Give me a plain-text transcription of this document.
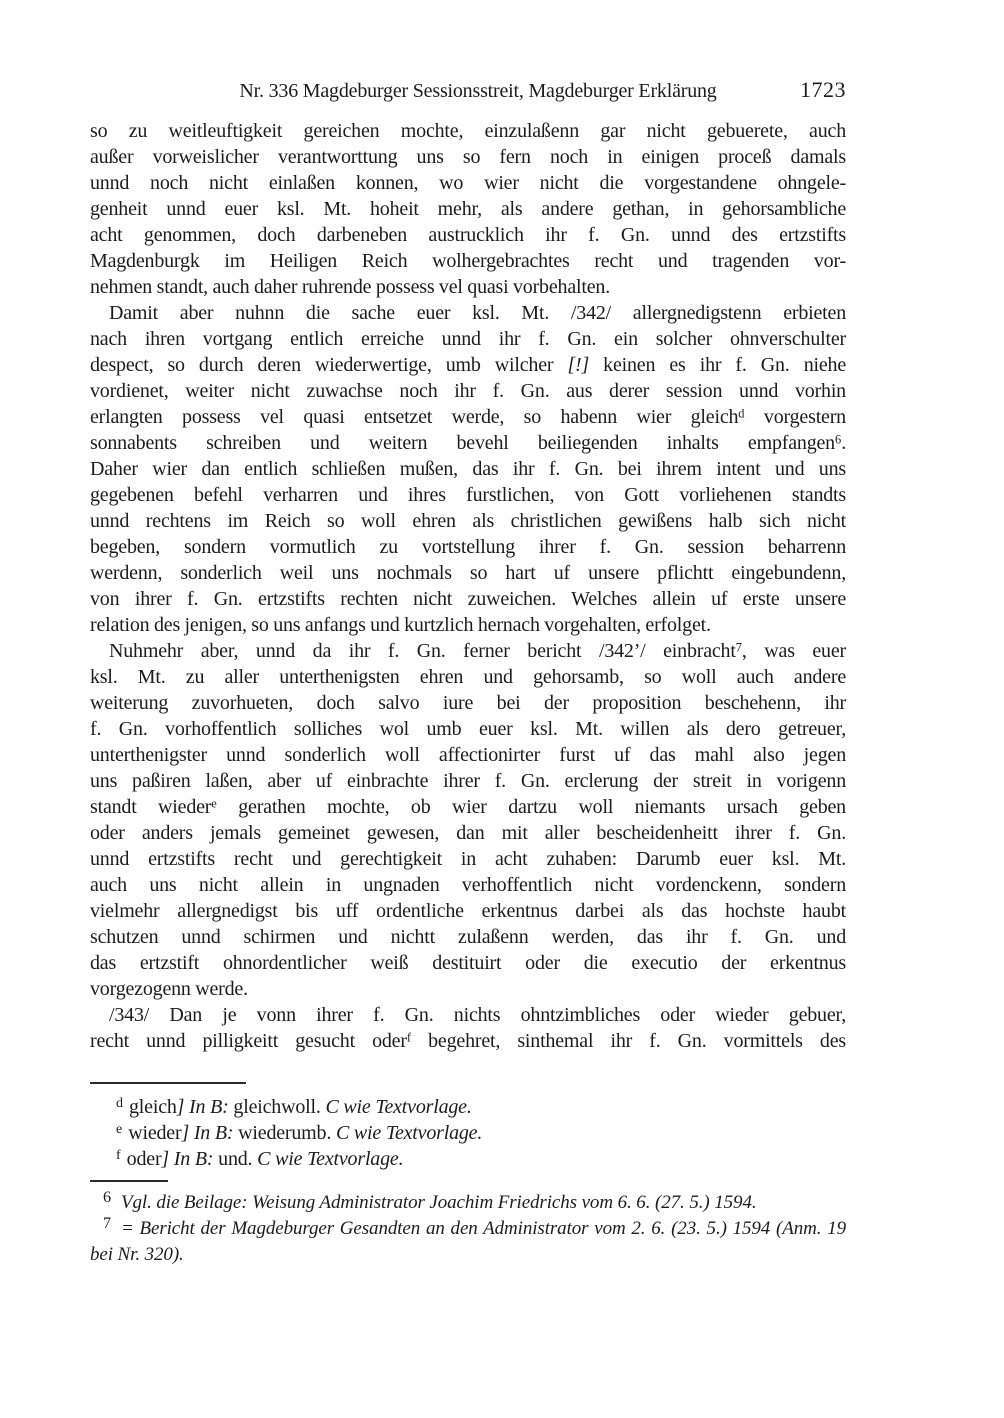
Nr. 336 Magdeburger Sessionsstreit, Magdeburger Erklärung	1723
so zu weitleuftigkeit gereichen mochte, einzulaßenn gar nicht gebuerete, auch
außer vorweislicher verantworttung uns so fern noch in einigen proceß damals
unnd noch nicht einlaßen konnen, wo wier nicht die vorgestandene ohngele-
genheit unnd euer ksl. Mt. hoheit mehr, als andere gethan, in gehorsambliche
acht genommen, doch darbeneben austrucklich ihr f. Gn. unnd des ertzstifts
Magdenburgk im Heiligen Reich wolhergebrachtes recht und tragenden vor-
nehmen standt, auch daher ruhrende possess vel quasi vorbehalten.
Damit aber nuhnn die sache euer ksl. Mt. /342/ allergnedigstenn erbieten
nach ihren vortgang entlich erreiche unnd ihr f. Gn. ein solcher ohnverschulter
despect, so durch deren wiederwertige, umb wilcher [!] keinen es ihr f. Gn. niehe
vordienet, weiter nicht zuwachse noch ihr f. Gn. aus derer session unnd vorhin
erlangten possess vel quasi entsetzet werde, so habenn wier gleich$^d$ vorgestern
sonnabents schreiben und weitern bevehl beiliegenden inhalts empfangen$^6$.
Daher wier dan entlich schließen mußen, das ihr f. Gn. bei ihrem intent und uns
gegebenen befehl verharren und ihres furstlichen, von Gott vorliehenen standts
unnd rechtens im Reich so woll ehren als christlichen gewißens halb sich nicht
begeben, sondern vormutlich zu vortstellung ihrer f. Gn. session beharrenn
werdenn, sonderlich weil uns nochmals so hart uf unsere pflichtt eingebundenn,
von ihrer f. Gn. ertzstifts rechten nicht zuweichen. Welches allein uf erste unsere
relation des jenigen, so uns anfangs und kurtzlich hernach vorgehalten, erfolget.
Nuhmehr aber, unnd da ihr f. Gn. ferner bericht /342’/ einbracht$^7$, was euer
ksl. Mt. zu aller unterthenigsten ehren und gehorsamb, so woll auch andere
weiterung zuvorhueten, doch salvo iure bei der proposition beschehenn, ihr
f. Gn. vorhoffentlich solliches wol umb euer ksl. Mt. willen als dero getreuer,
unterthenigster unnd sonderlich woll affectionirter furst uf das mahl also jegen
uns paßiren laßen, aber uf einbrachte ihrer f. Gn. erclerung der streit in vorigenn
standt wieder$^e$ gerathen mochte, ob wier dartzu woll niemants ursach geben
oder anders jemals gemeinet gewesen, dan mit aller bescheidenheitt ihrer f. Gn.
unnd ertzstifts recht und gerechtigkeit in acht zuhaben: Darumb euer ksl. Mt.
auch uns nicht allein in ungnaden verhoffentlich nicht vordenckenn, sondern
vielmehr allergnedigst bis uff ordentliche erkentnus darbei als das hochste haubt
schutzen unnd schirmen und nichtt zulaßenn werden, das ihr f. Gn. und
das ertzstift ohnordentlicher weiß destituirt oder die executio der erkentnus
vorgezogenn werde.
/343/ Dan je vonn ihrer f. Gn. nichts ohntzimbliches oder wieder gebuer,
recht unnd pilligkeitt gesucht oder$^f$ begehret, sinthemal ihr f. Gn. vormittels des
$^d$ gleich] In B: gleichwoll. C wie Textvorlage.
$^e$ wieder] In B: wiederumb. C wie Textvorlage.
$^f$ oder] In B: und. C wie Textvorlage.
$^6$ Vgl. die Beilage: Weisung Administrator Joachim Friedrichs vom 6. 6. (27. 5.) 1594.
$^7$ = Bericht der Magdeburger Gesandten an den Administrator vom 2. 6. (23. 5.) 1594 (Anm. 19 bei Nr. 320).
